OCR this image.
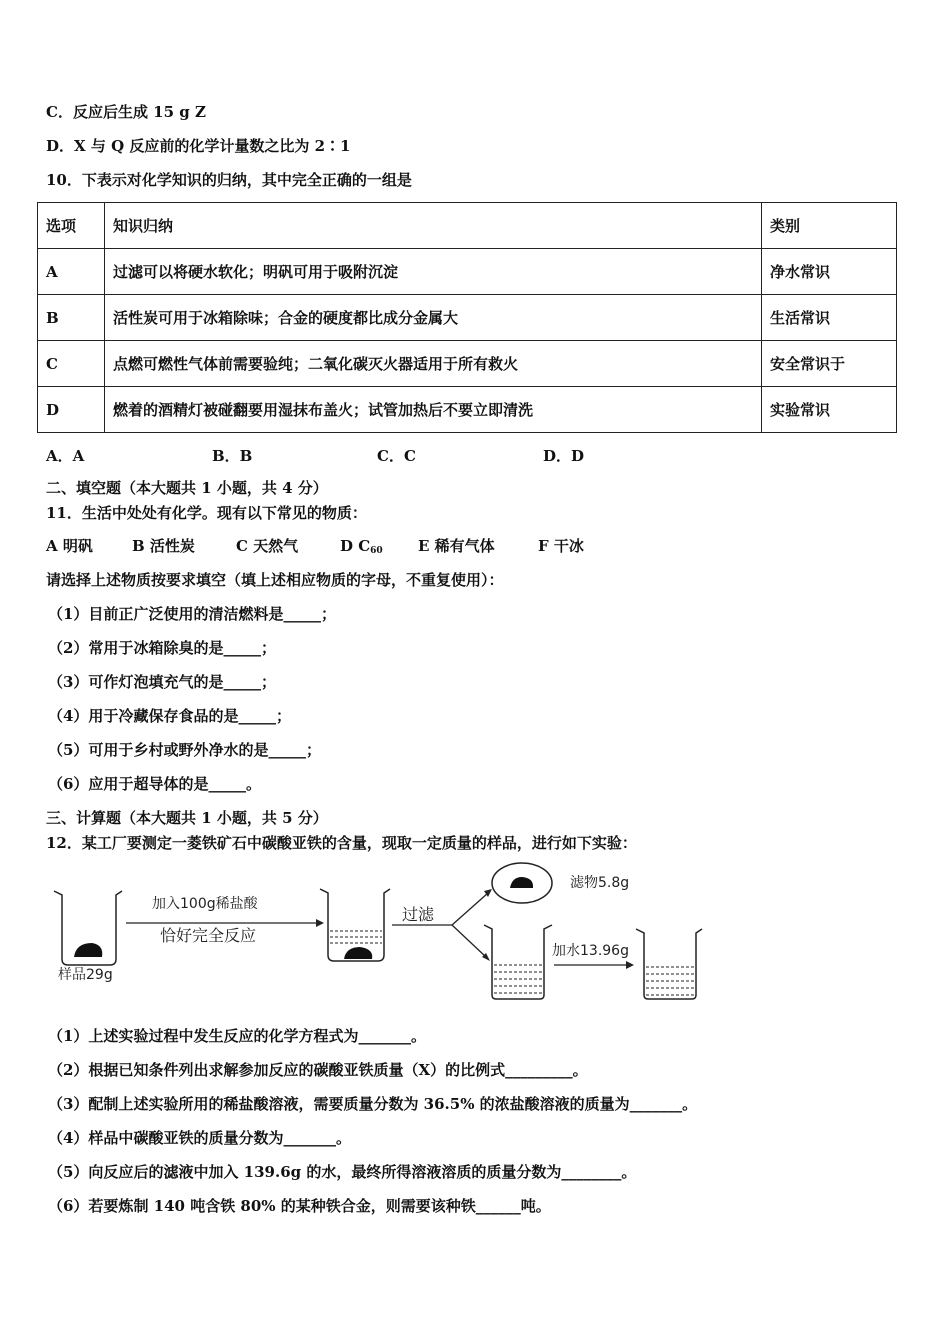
C．反应后生成 15 g Z
D．X 与 Q 反应前的化学计量数之比为 2∶1
10．下表示对化学知识的归纳，其中完全正确的一组是
选项	知识归纳	类别
A	过滤可以将硬水软化；明矾可用于吸附沉淀	净水常识
B	活性炭可用于冰箱除味；合金的硬度都比成分金属大	生活常识
C	点燃可燃性气体前需要验纯；二氧化碳灭火器适用于所有救火	安全常识于
D	燃着的酒精灯被碰翻要用湿抹布盖火；试管加热后不要立即清洗	实验常识
A．A	B．B	C．C	D．D
二、填空题（本大题共 1 小题，共 4 分）
11．生活中处处有化学。现有以下常见的物质：
A 明矾	B 活性炭	C 天然气	D C60 E 稀有气体	F 干冰
请选择上述物质按要求填空（填上述相应物质的字母，不重复使用）：
（1）目前正广泛使用的清洁燃料是_____；
（2）常用于冰箱除臭的是_____；
（3）可作灯泡填充气的是_____；
（4）用于冷藏保存食品的是_____；
（5）可用于乡村或野外净水的是_____；
（6）应用于超导体的是_____。
三、计算题（本大题共 1 小题，共 5 分）
12．某工厂要测定一菱铁矿石中碳酸亚铁的含量，现取一定质量的样品，进行如下实验：
样品29g
加入100g稀盐酸
恰好完全反应
过滤
滤物5.8g
加水13.96g
（1）上述实验过程中发生反应的化学方程式为_______。
（2）根据已知条件列出求解参加反应的碳酸亚铁质量（X）的比例式_________。
（3）配制上述实验所用的稀盐酸溶液，需要质量分数为 36.5% 的浓盐酸溶液的质量为_______。
（4）样品中碳酸亚铁的质量分数为_______。
（5）向反应后的滤液中加入 139.6g 的水，最终所得溶液溶质的质量分数为________。
（6）若要炼制 140 吨含铁 80% 的某种铁合金，则需要该种铁______吨。
